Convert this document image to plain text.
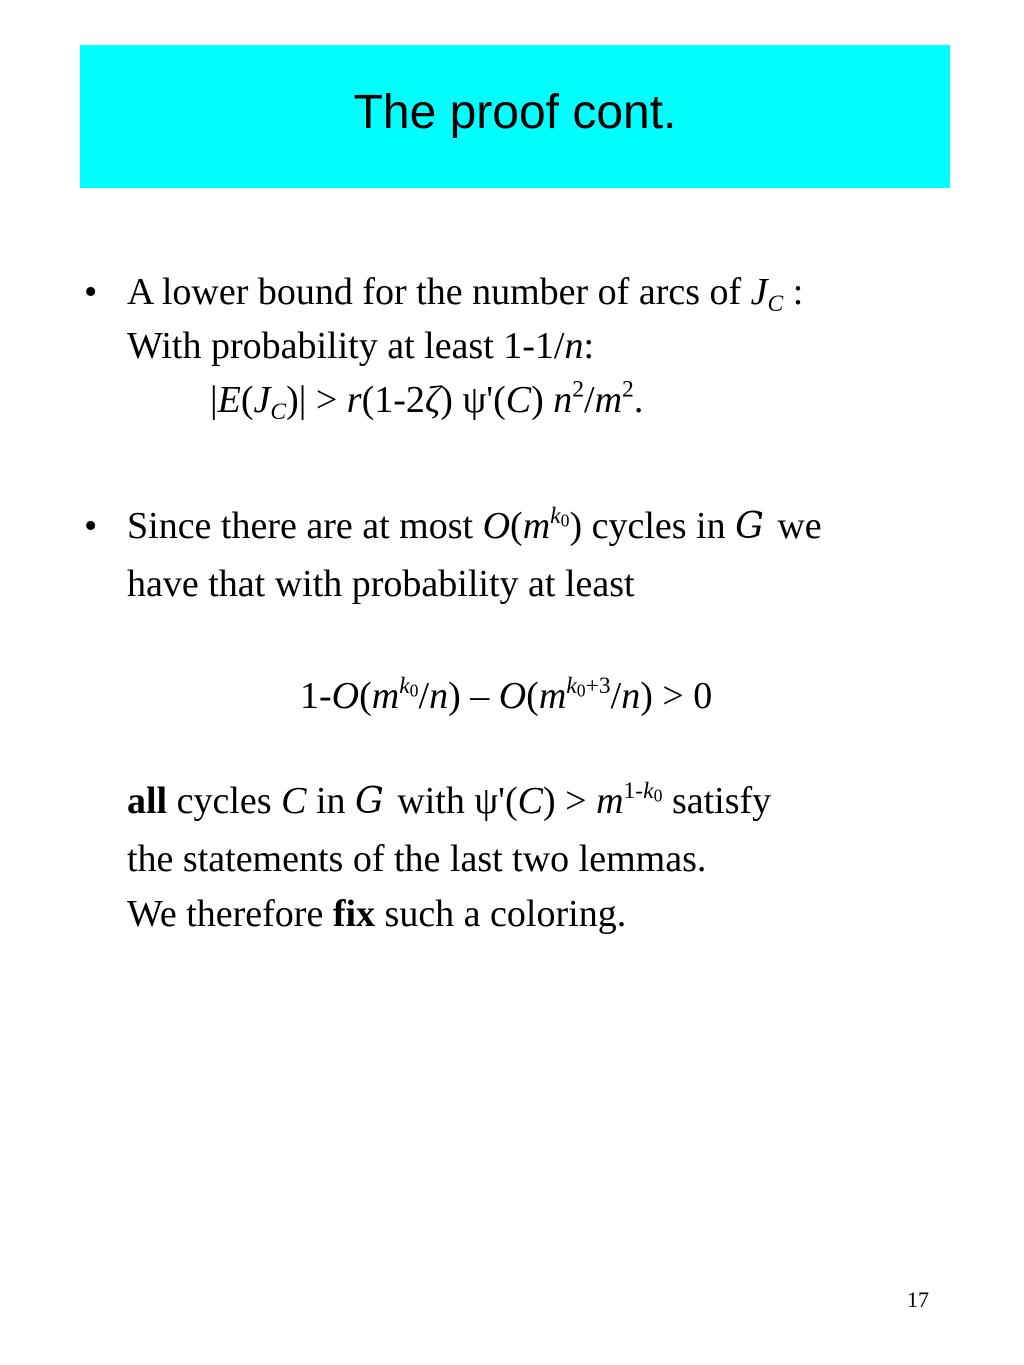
The proof cont.
• A lower bound for the number of arcs of $J_C$ :
With probability at least 1-1/n:
$|E(J_C)| > r(1-2\zeta)$ ψ'(C) $n^2/m^2$.
• Since there are at most $O(m^{k0})$ cycles in G we
have that with probability at least
$1-O(m^{k0}/n) - O(m^{k0+3}/n) > 0$
all cycles C in G with $\psi'(C) > m^{1-k0}$ satisfy
the statements of the last two lemmas.
We therefore fix such a coloring.
17
